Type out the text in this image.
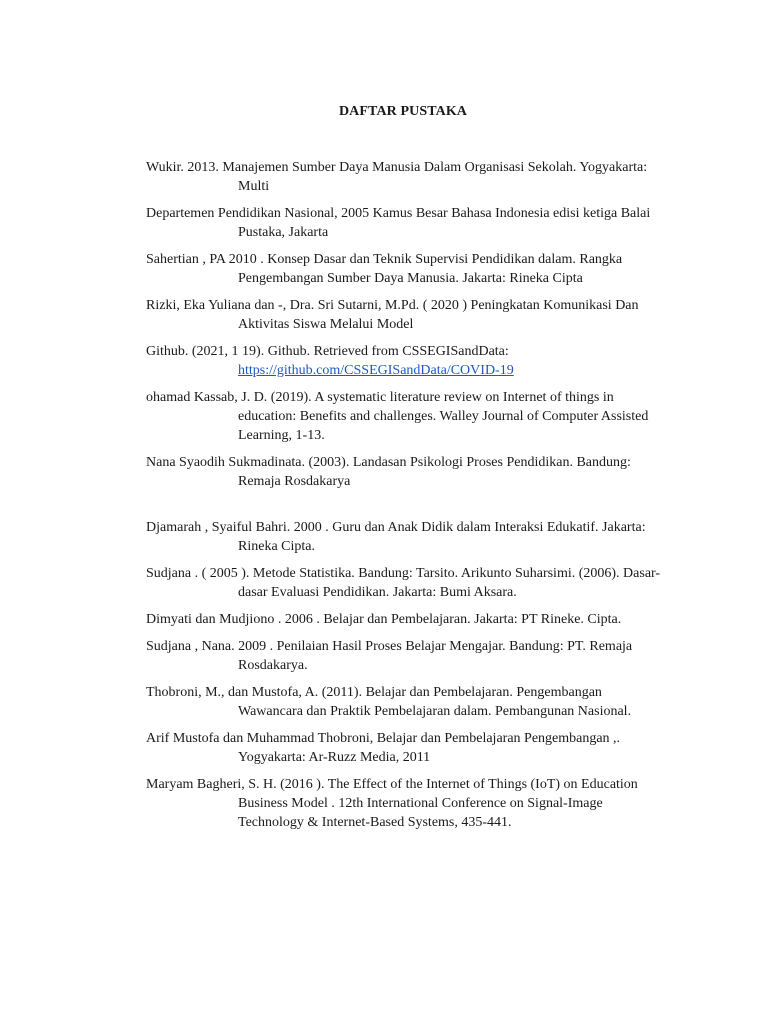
DAFTAR PUSTAKA
Wukir. 2013. Manajemen Sumber Daya Manusia Dalam Organisasi Sekolah. Yogyakarta: Multi
Departemen Pendidikan Nasional, 2005 Kamus Besar Bahasa Indonesia edisi ketiga Balai Pustaka, Jakarta
Sahertian , PA 2010 . Konsep Dasar dan Teknik Supervisi Pendidikan dalam. Rangka Pengembangan Sumber Daya Manusia. Jakarta: Rineka Cipta
Rizki, Eka Yuliana dan -, Dra. Sri Sutarni, M.Pd. ( 2020 ) Peningkatan Komunikasi Dan Aktivitas Siswa Melalui Model
Github. (2021, 1 19). Github. Retrieved from CSSEGISandData: https://github.com/CSSEGISandData/COVID-19
ohamad Kassab, J. D. (2019). A systematic literature review on Internet of things in education: Benefits and challenges. Walley Journal of Computer Assisted Learning, 1-13.
Nana Syaodih Sukmadinata. (2003). Landasan Psikologi Proses Pendidikan. Bandung: Remaja Rosdakarya
Djamarah , Syaiful Bahri. 2000 . Guru dan Anak Didik dalam Interaksi Edukatif. Jakarta: Rineka Cipta.
Sudjana . ( 2005 ). Metode Statistika. Bandung: Tarsito. Arikunto Suharsimi. (2006). Dasar-dasar Evaluasi Pendidikan. Jakarta: Bumi Aksara.
Dimyati dan Mudjiono . 2006 . Belajar dan Pembelajaran. Jakarta: PT Rineke. Cipta.
Sudjana , Nana. 2009 . Penilaian Hasil Proses Belajar Mengajar. Bandung: PT. Remaja Rosdakarya.
Thobroni, M., dan Mustofa, A. (2011). Belajar dan Pembelajaran. Pengembangan Wawancara dan Praktik Pembelajaran dalam. Pembangunan Nasional.
Arif Mustofa dan Muhammad Thobroni, Belajar dan Pembelajaran Pengembangan ,. Yogyakarta: Ar-Ruzz Media, 2011
Maryam Bagheri, S. H. (2016 ). The Effect of the Internet of Things (IoT) on Education Business Model . 12th International Conference on Signal-Image Technology & Internet-Based Systems, 435-441.
